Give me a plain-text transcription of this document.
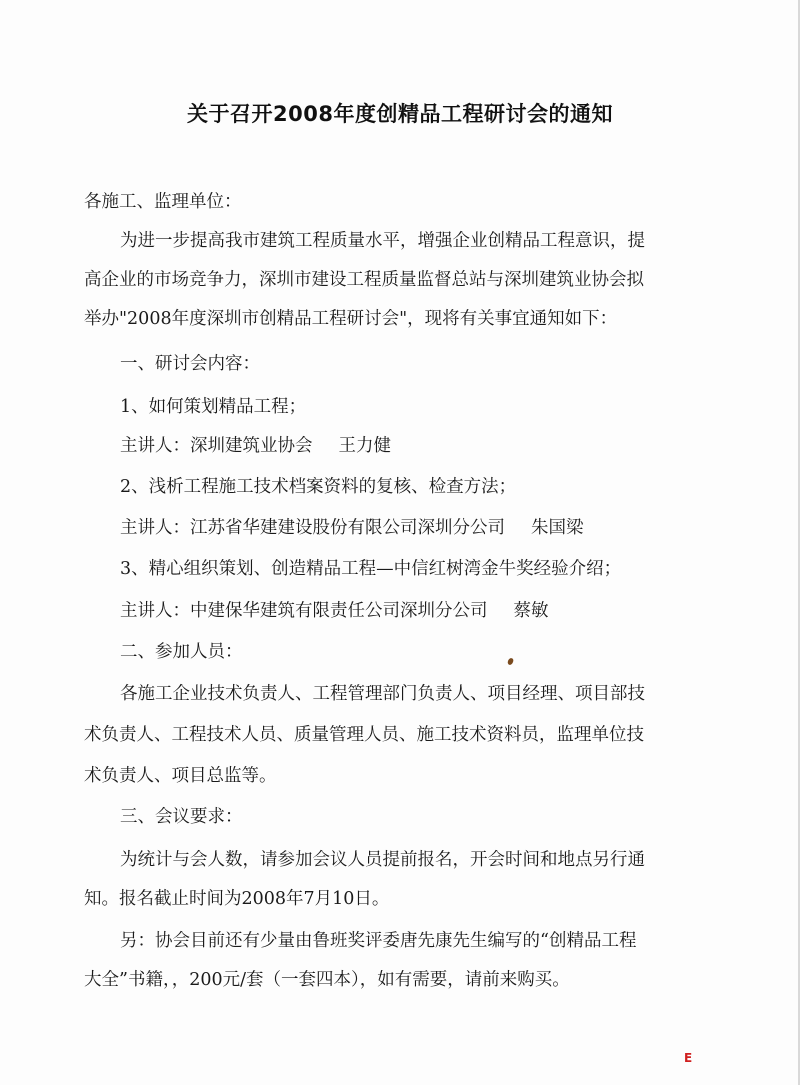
关于召开2008年度创精品工程研讨会的通知

各施工、监理单位：

为进一步提高我市建筑工程质量水平，增强企业创精品工程意识，提

高企业的市场竞争力，深圳市建设工程质量监督总站与深圳建筑业协会拟

举办"2008年度深圳市创精品工程研讨会"，现将有关事宜通知如下：

一、研讨会内容：

1、如何策划精品工程；

主讲人：深圳建筑业协会 王力健

2、浅析工程施工技术档案资料的复核、检查方法；

主讲人：江苏省华建建设股份有限公司深圳分公司 朱国梁

3、精心组织策划、创造精品工程—中信红树湾金牛奖经验介绍；

主讲人：中建保华建筑有限责任公司深圳分公司 蔡敏

二、参加人员：

各施工企业技术负责人、工程管理部门负责人、项目经理、项目部技

术负责人、工程技术人员、质量管理人员、施工技术资料员，监理单位技

术负责人、项目总监等。

三、会议要求：

为统计与会人数，请参加会议人员提前报名，开会时间和地点另行通

知。报名截止时间为2008年7月10日。

另：协会目前还有少量由鲁班奖评委唐先康先生编写的“创精品工程

大全”书籍，，200元/套（一套四本），如有需要，请前来购买。

E
